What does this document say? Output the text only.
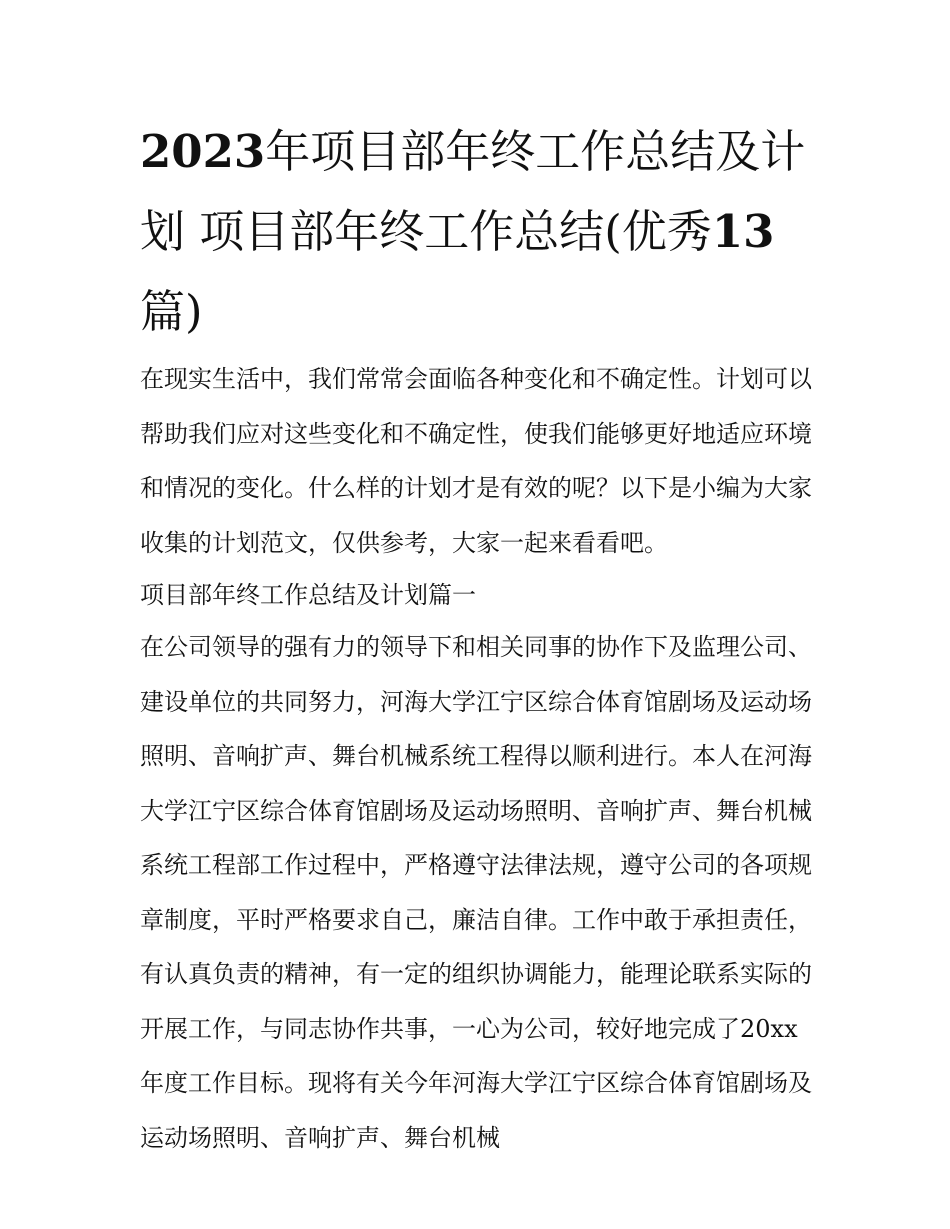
2023年项目部年终工作总结及计划 项目部年终工作总结(优秀13篇)

在现实生活中，我们常常会面临各种变化和不确定性。计划可以帮助我们应对这些变化和不确定性，使我们能够更好地适应环境和情况的变化。什么样的计划才是有效的呢？以下是小编为大家收集的计划范文，仅供参考，大家一起来看看吧。

项目部年终工作总结及计划篇一

在公司领导的强有力的领导下和相关同事的协作下及监理公司、建设单位的共同努力，河海大学江宁区综合体育馆剧场及运动场照明、音响扩声、舞台机械系统工程得以顺利进行。本人在河海大学江宁区综合体育馆剧场及运动场照明、音响扩声、舞台机械系统工程部工作过程中，严格遵守法律法规，遵守公司的各项规章制度，平时严格要求自己，廉洁自律。工作中敢于承担责任，有认真负责的精神，有一定的组织协调能力，能理论联系实际的开展工作，与同志协作共事，一心为公司，较好地完成了20xx年度工作目标。现将有关今年河海大学江宁区综合体育馆剧场及运动场照明、音响扩声、舞台机械
